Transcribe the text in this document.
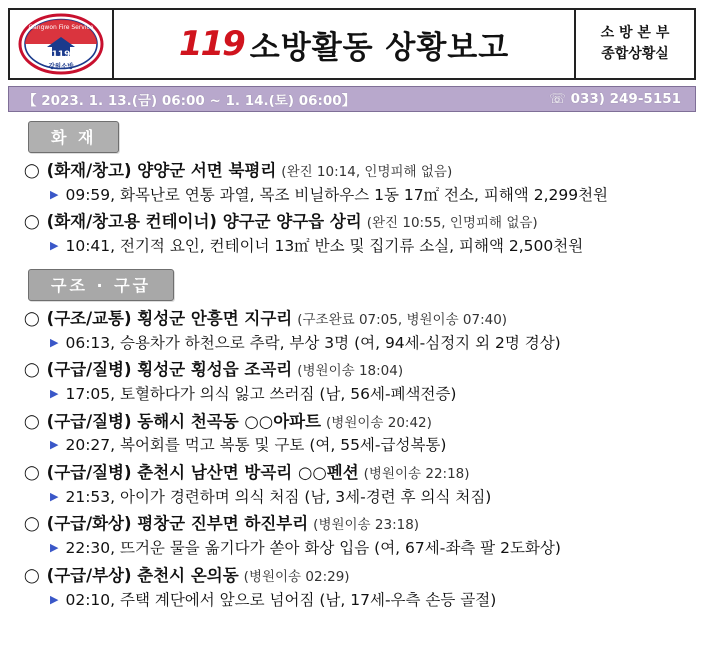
Gangwon Fire Service
119
강원소방
119 소방활동 상황보고	소 방 본 부
종합상황실
【 2023. 1. 13.(금) 06:00 ~ 1. 14.(토) 06:00】	☏ 033) 249-5151
화 재
◯ (화재/창고) 양양군 서면 북평리 (완진 10:14, 인명피해 없음)
▶ 09:59, 화목난로 연통 과열, 목조 비닐하우스 1동 17㎡ 전소, 피해액 2,299천원
◯ (화재/창고용 컨테이너) 양구군 양구읍 상리 (완진 10:55, 인명피해 없음)
▶ 10:41, 전기적 요인, 컨테이너 13㎡ 반소 및 집기류 소실, 피해액 2,500천원
구조 · 구급
◯ (구조/교통) 횡성군 안흥면 지구리 (구조완료 07:05, 병원이송 07:40)
▶ 06:13, 승용차가 하천으로 추락, 부상 3명 (여, 94세-심정지 외 2명 경상)
◯ (구급/질병) 횡성군 횡성읍 조곡리 (병원이송 18:04)
▶ 17:05, 토혈하다가 의식 잃고 쓰러짐 (남, 56세-폐색전증)
◯ (구급/질병) 동해시 천곡동 ○○아파트 (병원이송 20:42)
▶ 20:27, 복어회를 먹고 복통 및 구토 (여, 55세-급성복통)
◯ (구급/질병) 춘천시 남산면 방곡리 ○○펜션 (병원이송 22:18)
▶ 21:53, 아이가 경련하며 의식 처짐 (남, 3세-경련 후 의식 처짐)
◯ (구급/화상) 평창군 진부면 하진부리 (병원이송 23:18)
▶ 22:30, 뜨거운 물을 옮기다가 쏟아 화상 입음 (여, 67세-좌측 팔 2도화상)
◯ (구급/부상) 춘천시 온의동 (병원이송 02:29)
▶ 02:10, 주택 계단에서 앞으로 넘어짐 (남, 17세-우측 손등 골절)
